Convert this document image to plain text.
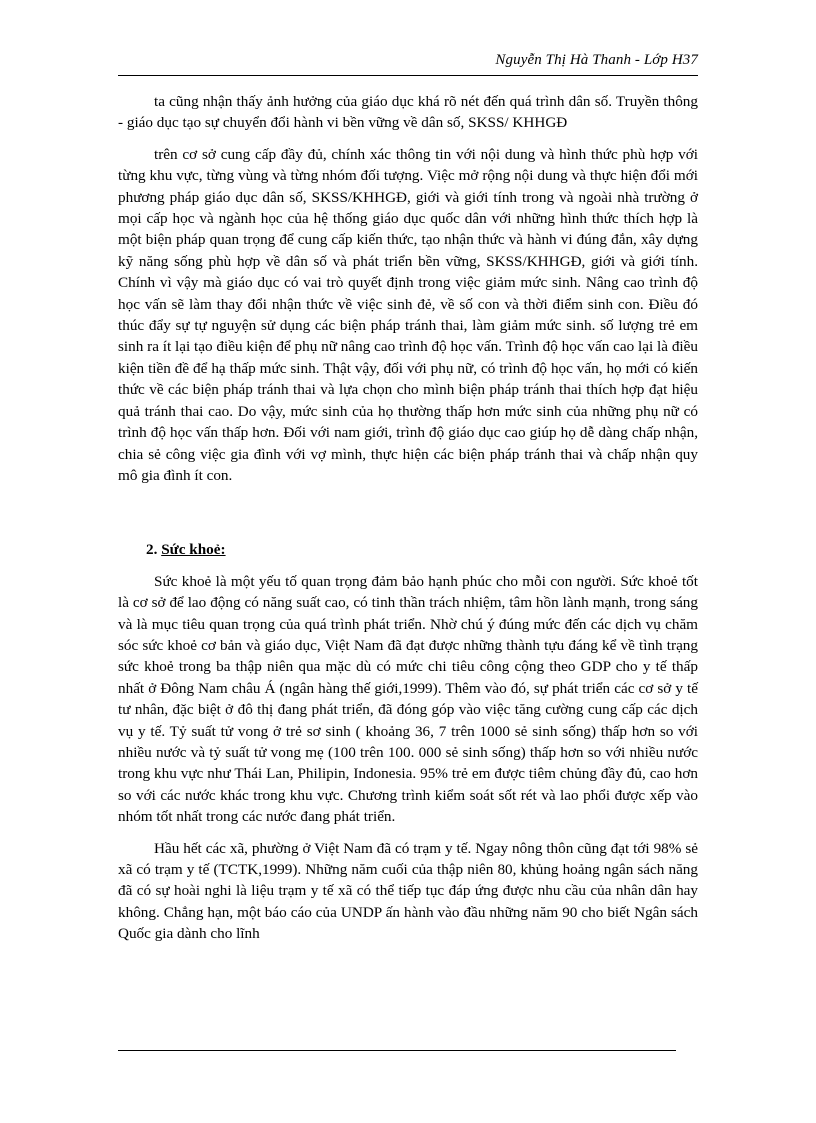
Nguyễn Thị Hà Thanh - Lớp H37

ta cũng nhận thấy ảnh hưởng của giáo dục khá rõ nét đến quá trình dân số. Truyền thông - giáo dục tạo sự chuyển đổi hành vi bền vững về dân số, SKSS/ KHHGĐ

trên cơ sở cung cấp đầy đủ, chính xác thông tin với nội dung và hình thức phù hợp với từng khu vực, từng vùng và từng nhóm đối tượng. Việc mở rộng nội dung và thực hiện đổi mới phương pháp giáo dục dân số, SKSS/KHHGĐ, giới và giới tính trong và ngoài nhà trường ở mọi cấp học và ngành học của hệ thống giáo dục quốc dân với những hình thức thích hợp là một biện pháp quan trọng để cung cấp kiến thức, tạo nhận thức và hành vi đúng đắn, xây dựng kỹ năng sống phù hợp về dân số và phát triển bền vững, SKSS/KHHGĐ, giới và giới tính. Chính vì vậy mà giáo dục có vai trò quyết định trong việc giảm mức sinh. Nâng cao trình độ học vấn sẽ làm thay đổi nhận thức về việc sinh đẻ, về số con và thời điểm sinh con. Điều đó thúc đẩy sự tự nguyện sử dụng các biện pháp tránh thai, làm giảm mức sinh. số lượng trẻ em sinh ra ít lại tạo điều kiện để phụ nữ nâng cao trình độ học vấn. Trình độ học vấn cao lại là điều kiện tiền đề để hạ thấp mức sinh. Thật vậy, đối với phụ nữ, có trình độ học vấn, họ mới có kiến thức về các biện pháp tránh thai và lựa chọn cho mình biện pháp tránh thai thích hợp đạt hiệu quả tránh thai cao. Do vậy, mức sinh của họ thường thấp hơn mức sinh của những phụ nữ có trình độ học vấn thấp hơn. Đối với nam giới, trình độ giáo dục cao giúp họ dễ dàng chấp nhận, chia sẻ công việc gia đình với vợ mình, thực hiện các biện pháp tránh thai và chấp nhận quy mô gia đình ít con.

2. Sức khoẻ:

Sức khoẻ là một yếu tố quan trọng đảm bảo hạnh phúc cho mỗi con người. Sức khoẻ tốt là cơ sở để lao động có năng suất cao, có tinh thần trách nhiệm, tâm hồn lành mạnh, trong sáng và là mục tiêu quan trọng của quá trình phát triển. Nhờ chú ý đúng mức đến các dịch vụ chăm sóc sức khoẻ cơ bản và giáo dục, Việt Nam đã đạt được những thành tựu đáng kể về tình trạng sức khoẻ trong ba thập niên qua mặc dù có mức chi tiêu công cộng theo GDP cho y tế thấp nhất ở Đông Nam châu Á (ngân hàng thế giới,1999). Thêm vào đó, sự phát triển các cơ sở y tế tư nhân, đặc biệt ở đô thị đang phát triển, đã đóng góp vào việc tăng cường cung cấp các dịch vụ y tế. Tỷ suất tử vong ở trẻ sơ sinh ( khoảng 36, 7 trên 1000 sẻ sinh sống) thấp hơn so với nhiều nước và tỷ suất tử vong mẹ (100 trên 100. 000 sẻ sinh sống) thấp hơn so với nhiều nước trong khu vực như Thái Lan, Philipin, Indonesia. 95% trẻ em được tiêm chủng đầy đủ, cao hơn so với các nước khác trong khu vực. Chương trình kiểm soát sốt rét và lao phổi được xếp vào nhóm tốt nhất trong các nước đang phát triển.

Hầu hết các xã, phường ở Việt Nam đã có trạm y tế. Ngay nông thôn cũng đạt tới 98% sẻ xã có trạm y tế (TCTK,1999). Những năm cuối của thập niên 80, khủng hoảng ngân sách năng đã có sự hoài nghi là liệu trạm y tế xã có thể tiếp tục đáp ứng được nhu cầu của nhân dân hay không. Chẳng hạn, một báo cáo của UNDP ấn hành vào đầu những năm 90 cho biết Ngân sách Quốc gia dành cho lĩnh
